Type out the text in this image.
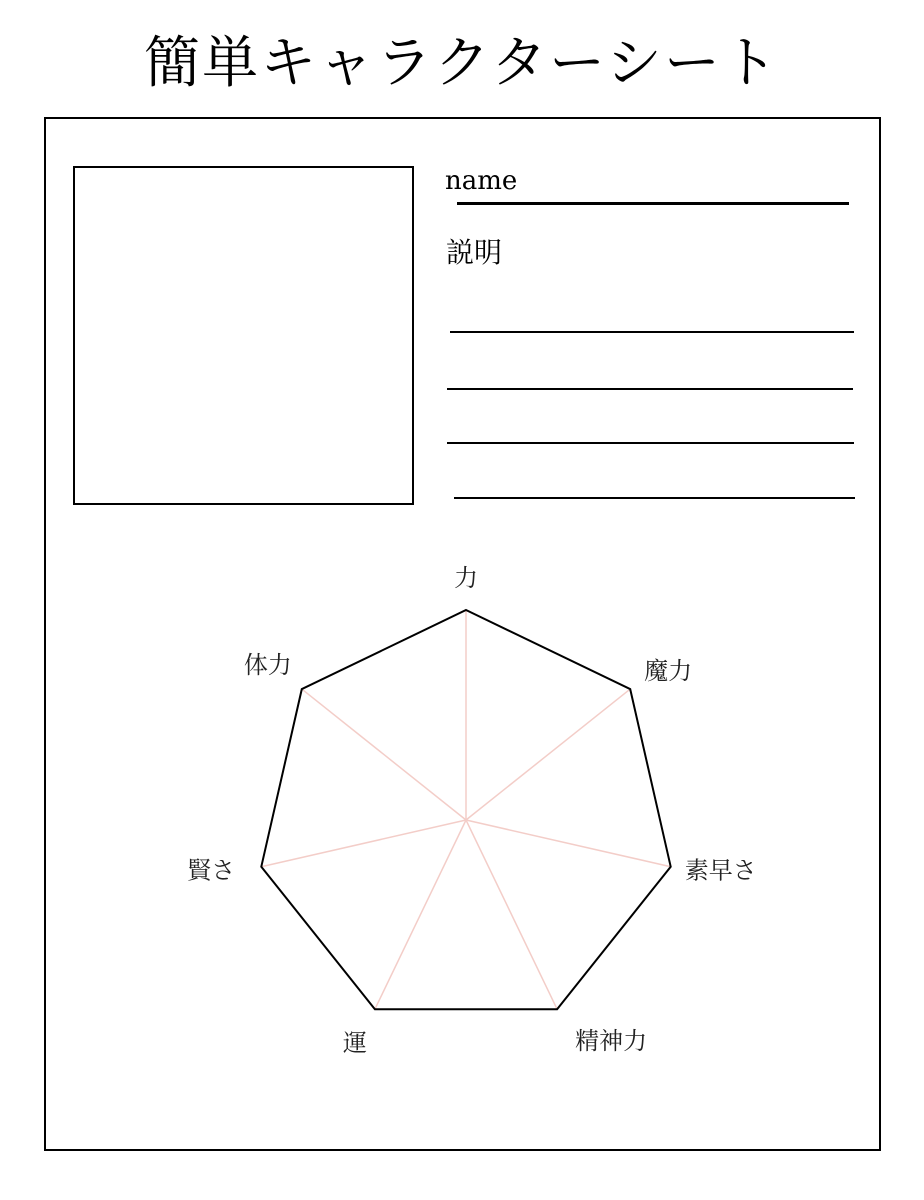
簡単キャラクターシート
name
説明
力
魔力
素早さ
精神力
運
賢さ
体力
